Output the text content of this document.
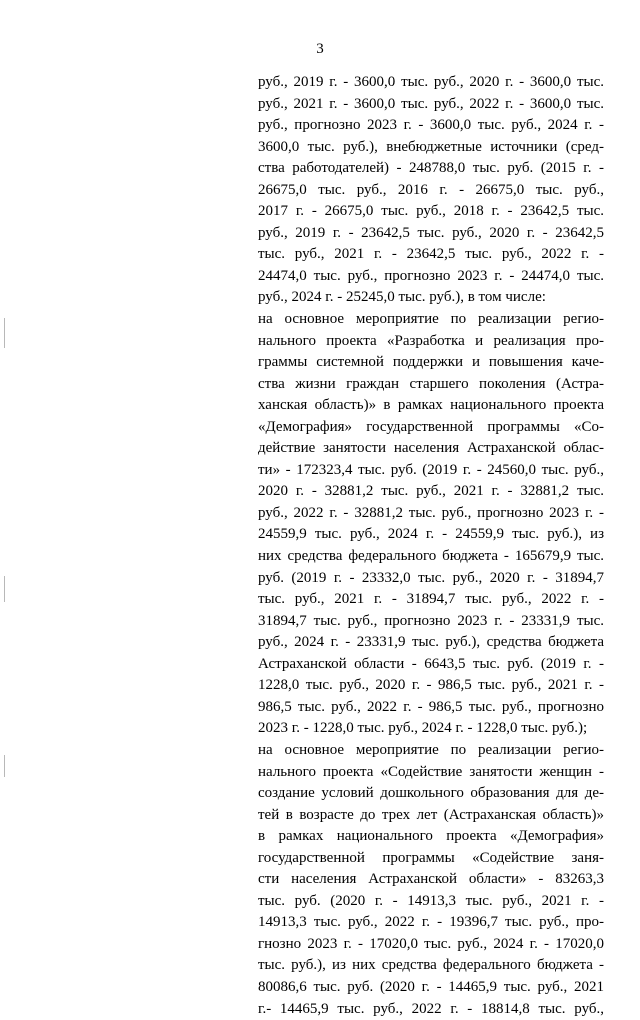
3
руб., 2019 г. - 3600,0 тыс. руб., 2020 г. - 3600,0 тыс.
руб., 2021 г. - 3600,0 тыс. руб., 2022 г. - 3600,0 тыс.
руб., прогнозно 2023 г. - 3600,0 тыс. руб., 2024 г. -
3600,0 тыс. руб.), внебюджетные источники (сред-
ства работодателей) - 248788,0 тыс. руб. (2015 г. -
26675,0 тыс. руб., 2016 г. - 26675,0 тыс. руб.,
2017 г. - 26675,0 тыс. руб., 2018 г. - 23642,5 тыс.
руб., 2019 г. - 23642,5 тыс. руб., 2020 г. - 23642,5
тыс. руб., 2021 г. - 23642,5 тыс. руб., 2022 г. -
24474,0 тыс. руб., прогнозно 2023 г. - 24474,0 тыс.
руб., 2024 г. - 25245,0 тыс. руб.), в том числе:
на основное мероприятие по реализации регио-
нального проекта «Разработка и реализация про-
граммы системной поддержки и повышения каче-
ства жизни граждан старшего поколения (Астра-
ханская область)» в рамках национального проекта
«Демография» государственной программы «Со-
действие занятости населения Астраханской облас-
ти» - 172323,4 тыс. руб. (2019 г. - 24560,0 тыс. руб.,
2020 г. - 32881,2 тыс. руб., 2021 г. - 32881,2 тыс.
руб., 2022 г. - 32881,2 тыс. руб., прогнозно 2023 г. -
24559,9 тыс. руб., 2024 г. - 24559,9 тыс. руб.), из
них средства федерального бюджета - 165679,9 тыс.
руб. (2019 г. - 23332,0 тыс. руб., 2020 г. - 31894,7
тыс. руб., 2021 г. - 31894,7 тыс. руб., 2022 г. -
31894,7 тыс. руб., прогнозно 2023 г. - 23331,9 тыс.
руб., 2024 г. - 23331,9 тыс. руб.), средства бюджета
Астраханской области - 6643,5 тыс. руб. (2019 г. -
1228,0 тыс. руб., 2020 г. - 986,5 тыс. руб., 2021 г. -
986,5 тыс. руб., 2022 г. - 986,5 тыс. руб., прогнозно
2023 г. - 1228,0 тыс. руб., 2024 г. - 1228,0 тыс. руб.);
на основное мероприятие по реализации регио-
нального проекта «Содействие занятости женщин -
создание условий дошкольного образования для де-
тей в возрасте до трех лет (Астраханская область)»
в рамках национального проекта «Демография»
государственной программы «Содействие заня-
сти населения Астраханской области» - 83263,3
тыс. руб. (2020 г. - 14913,3 тыс. руб., 2021 г. -
14913,3 тыс. руб., 2022 г. - 19396,7 тыс. руб., про-
гнозно 2023 г. - 17020,0 тыс. руб., 2024 г. - 17020,0
тыс. руб.), из них средства федерального бюджета -
80086,6 тыс. руб. (2020 г. - 14465,9 тыс. руб., 2021
г.- 14465,9 тыс. руб., 2022 г. - 18814,8 тыс. руб.,
